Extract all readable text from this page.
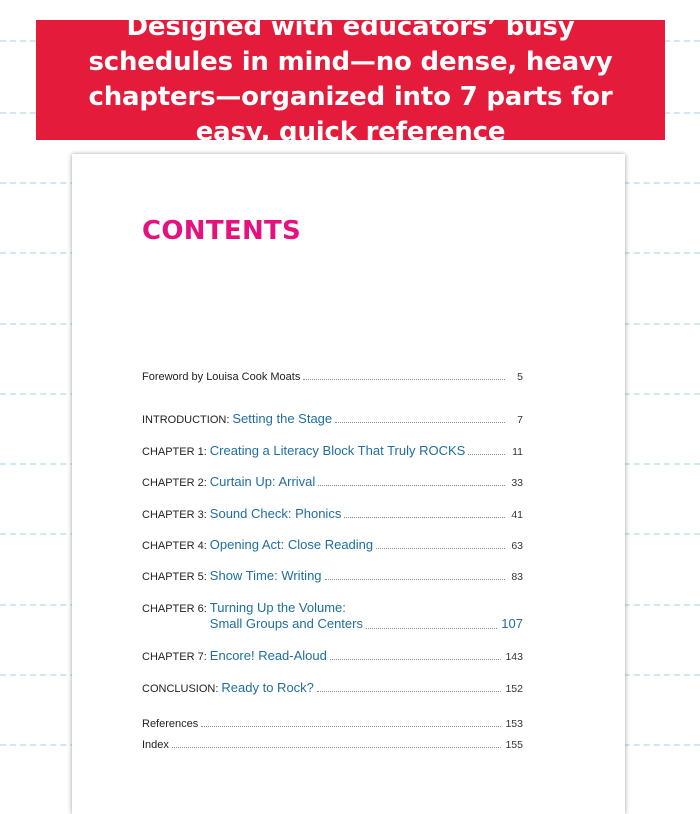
Designed with educators’ busy schedules in mind—no dense, heavy chapters—organized into 7 parts for easy, quick reference
CONTENTS
Foreword by Louisa Cook Moats	5
INTRODUCTION: Setting the Stage	7
CHAPTER 1: Creating a Literacy Block That Truly ROCKS	11
CHAPTER 2: Curtain Up: Arrival	33
CHAPTER 3: Sound Check: Phonics	41
CHAPTER 4: Opening Act: Close Reading	63
CHAPTER 5: Show Time: Writing	83
CHAPTER 6: Turning Up the Volume:
Small Groups and Centers	107
CHAPTER 7: Encore! Read-Aloud	143
CONCLUSION: Ready to Rock?	152
References	153
Index	155
